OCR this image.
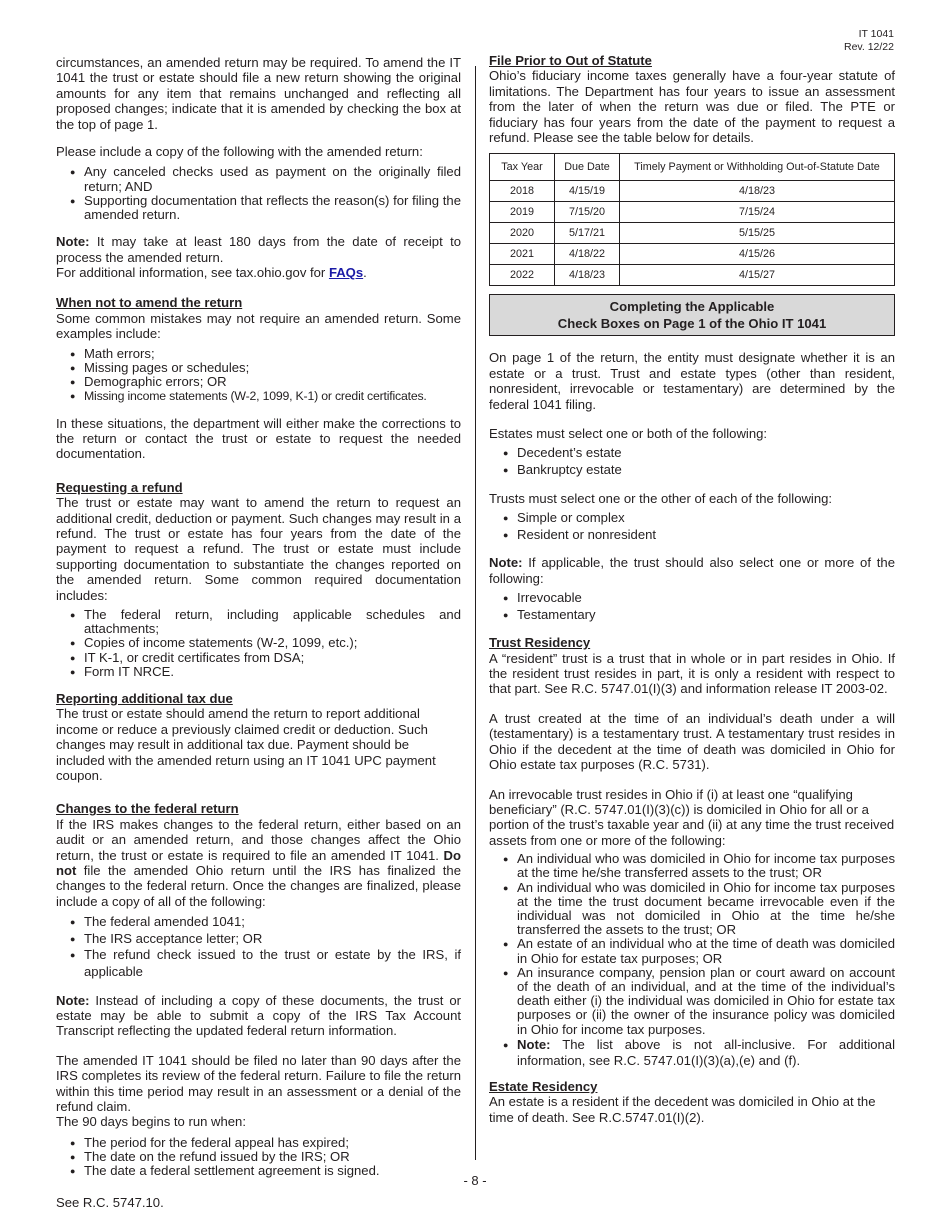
IT 1041
Rev. 12/22

circumstances, an amended return may be required. To amend the IT 1041 the trust or estate should file a new return showing the original amounts for any item that remains unchanged and reflecting all proposed changes; indicate that it is amended by checking the box at the top of page 1.

Please include a copy of the following with the amended return:

● Any canceled checks used as payment on the originally filed return; AND
● Supporting documentation that reflects the reason(s) for filing the amended return.

Note: It may take at least 180 days from the date of receipt to process the amended return.

For additional information, see tax.ohio.gov for FAQs.

When not to amend the return

Some common mistakes may not require an amended return. Some examples include:

● Math errors;
● Missing pages or schedules;
● Demographic errors; OR
● Missing income statements (W-2, 1099, K-1) or credit certificates.

In these situations, the department will either make the corrections to the return or contact the trust or estate to request the needed documentation.

Requesting a refund

The trust or estate may want to amend the return to request an additional credit, deduction or payment. Such changes may result in a refund. The trust or estate has four years from the date of the payment to request a refund. The trust or estate must include supporting documentation to substantiate the changes reported on the amended return. Some common required documentation includes:

● The federal return, including applicable schedules and attachments;
● Copies of income statements (W-2, 1099, etc.);
● IT K-1, or credit certificates from DSA;
● Form IT NRCE.

Reporting additional tax due

The trust or estate should amend the return to report additional income or reduce a previously claimed credit or deduction. Such changes may result in additional tax due. Payment should be included with the amended return using an IT 1041 UPC payment coupon.

Changes to the federal return

If the IRS makes changes to the federal return, either based on an audit or an amended return, and those changes affect the Ohio return, the trust or estate is required to file an amended IT 1041. Do not file the amended Ohio return until the IRS has finalized the changes to the federal return. Once the changes are finalized, please include a copy of all of the following:

● The federal amended 1041;
● The IRS acceptance letter; OR
● The refund check issued to the trust or estate by the IRS, if applicable

Note: Instead of including a copy of these documents, the trust or estate may be able to submit a copy of the IRS Tax Account Transcript reflecting the updated federal return information.

The amended IT 1041 should be filed no later than 90 days after the IRS completes its review of the federal return. Failure to file the return within this time period may result in an assessment or a denial of the refund claim.

The 90 days begins to run when:

● The period for the federal appeal has expired;
● The date on the refund issued by the IRS; OR
● The date a federal settlement agreement is signed.

See R.C. 5747.10.

File Prior to Out of Statute

Ohio’s fiduciary income taxes generally have a four-year statute of limitations. The Department has four years to issue an assessment from the later of when the return was due or filed. The PTE or fiduciary has four years from the date of the payment to request a refund. Please see the table below for details.

Tax Year	Due Date	Timely Payment or Withholding Out-of-Statute Date
2018	4/15/19	4/18/23
2019	7/15/20	7/15/24
2020	5/17/21	5/15/25
2021	4/18/22	4/15/26
2022	4/18/23	4/15/27
Completing the Applicable
Check Boxes on Page 1 of the Ohio IT 1041

On page 1 of the return, the entity must designate whether it is an estate or a trust. Trust and estate types (other than resident, nonresident, irrevocable or testamentary) are determined by the federal 1041 filing.

Estates must select one or both of the following:

● Decedent’s estate
● Bankruptcy estate

Trusts must select one or the other of each of the following:

● Simple or complex
● Resident or nonresident

Note: If applicable, the trust should also select one or more of the following:

● Irrevocable
● Testamentary

Trust Residency

A “resident” trust is a trust that in whole or in part resides in Ohio. If the resident trust resides in part, it is only a resident with respect to that part. See R.C. 5747.01(I)(3) and information release IT 2003-02.

A trust created at the time of an individual’s death under a will (testamentary) is a testamentary trust. A testamentary trust resides in Ohio if the decedent at the time of death was domiciled in Ohio for Ohio estate tax purposes (R.C. 5731).

An irrevocable trust resides in Ohio if (i) at least one “qualifying beneficiary” (R.C. 5747.01(I)(3)(c)) is domiciled in Ohio for all or a portion of the trust’s taxable year and (ii) at any time the trust received assets from one or more of the following:

● An individual who was domiciled in Ohio for income tax purposes at the time he/she transferred assets to the trust; OR
● An individual who was domiciled in Ohio for income tax purposes at the time the trust document became irrevocable even if the individual was not domiciled in Ohio at the time he/she transferred the assets to the trust; OR
● An estate of an individual who at the time of death was domiciled in Ohio for estate tax purposes; OR
● An insurance company, pension plan or court award on account of the death of an individual, and at the time of the individual’s death either (i) the individual was domiciled in Ohio for estate tax purposes or (ii) the owner of the insurance policy was domiciled in Ohio for income tax purposes.
● Note: The list above is not all-inclusive. For additional information, see R.C. 5747.01(I)(3)(a),(e) and (f).

Estate Residency

An estate is a resident if the decedent was domiciled in Ohio at the time of death. See R.C.5747.01(I)(2).

- 8 -
